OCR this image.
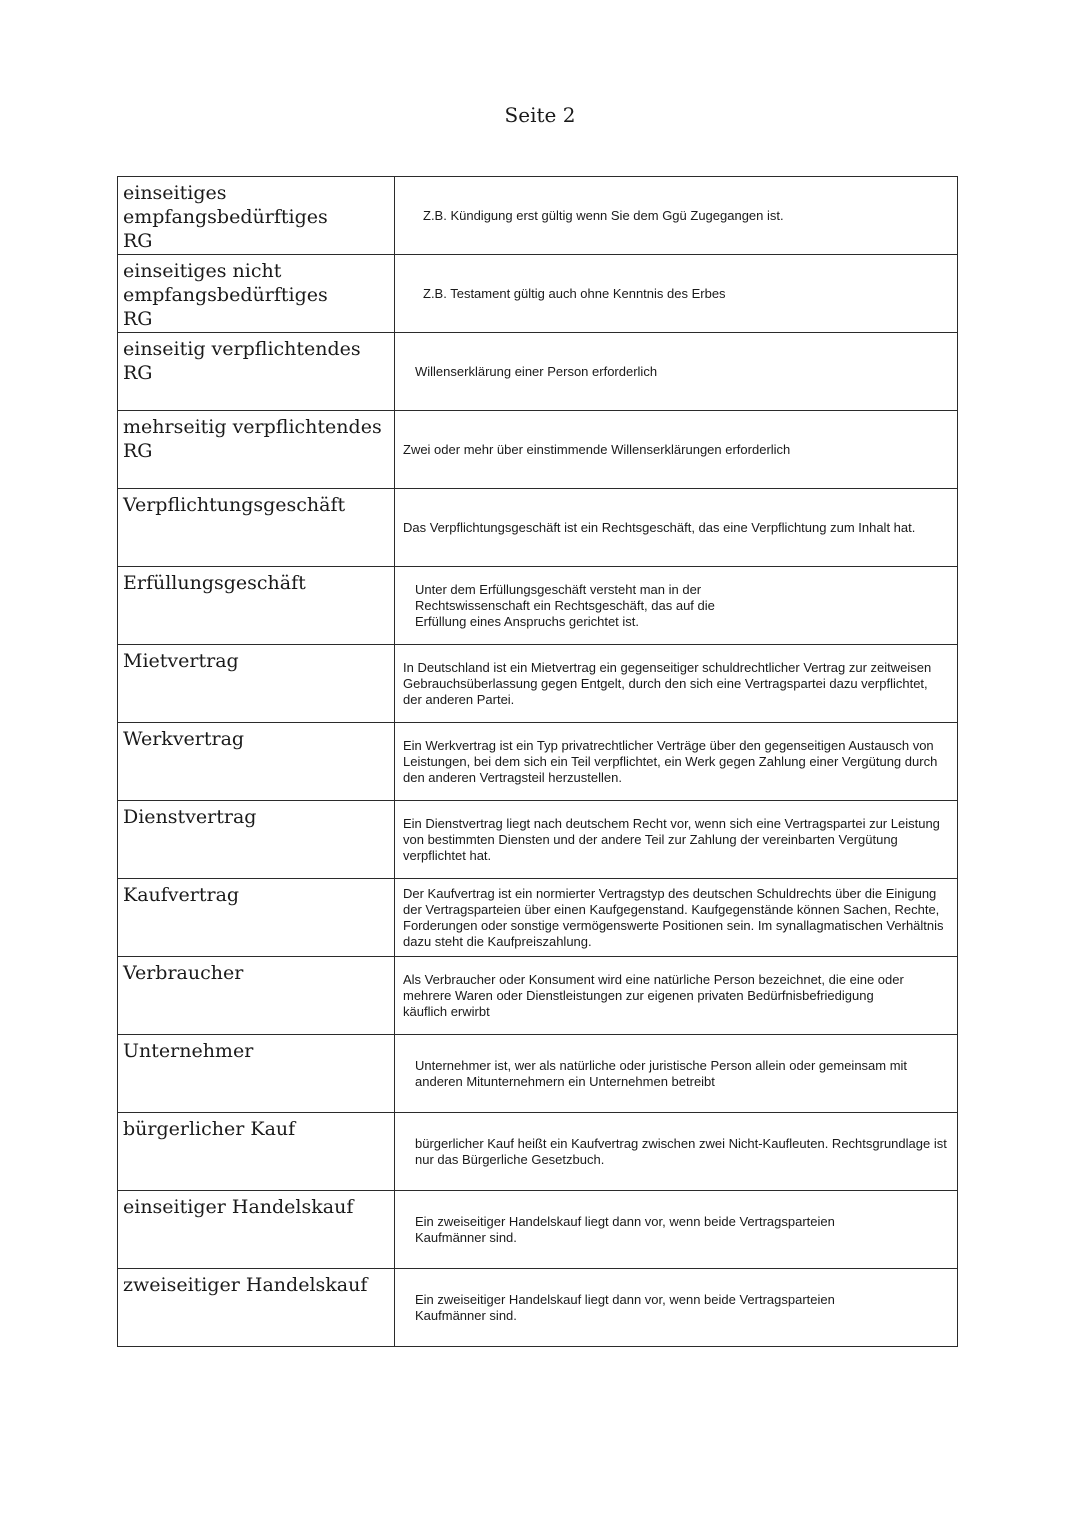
Seite 2
einseitiges empfangsbedürftiges RG	Z.B. Kündigung erst gültig wenn Sie dem Ggü Zugegangen ist.
einseitiges nicht empfangsbedürftiges RG	Z.B. Testament gültig auch ohne Kenntnis des Erbes
einseitig verpflichtendes RG	Willenserklärung einer Person erforderlich
mehrseitig verpflichtendes RG	Zwei oder mehr über einstimmende Willenserklärungen erforderlich
Verpflichtungsgeschäft	Das Verpflichtungsgeschäft ist ein Rechtsgeschäft, das eine Verpflichtung zum Inhalt hat.
Erfüllungsgeschäft	Unter dem Erfüllungsgeschäft versteht man in der Rechtswissenschaft ein Rechtsgeschäft, das auf die Erfüllung eines Anspruchs gerichtet ist.
Mietvertrag	In Deutschland ist ein Mietvertrag ein gegenseitiger schuldrechtlicher Vertrag zur zeitweisen Gebrauchsüberlassung gegen Entgelt, durch den sich eine Vertragspartei dazu verpflichtet, der anderen Partei.
Werkvertrag	Ein Werkvertrag ist ein Typ privatrechtlicher Verträge über den gegenseitigen Austausch von Leistungen, bei dem sich ein Teil verpflichtet, ein Werk gegen Zahlung einer Vergütung durch den anderen Vertragsteil herzustellen.
Dienstvertrag	Ein Dienstvertrag liegt nach deutschem Recht vor, wenn sich eine Vertragspartei zur Leistung von bestimmten Diensten und der andere Teil zur Zahlung der vereinbarten Vergütung verpflichtet hat.
Kaufvertrag	Der Kaufvertrag ist ein normierter Vertragstyp des deutschen Schuldrechts über die Einigung der Vertragsparteien über einen Kaufgegenstand. Kaufgegenstände können Sachen, Rechte, Forderungen oder sonstige vermögenswerte Positionen sein. Im synallagmatischen Verhältnis dazu steht die Kaufpreiszahlung.
Verbraucher	Als Verbraucher oder Konsument wird eine natürliche Person bezeichnet, die eine oder mehrere Waren oder Dienstleistungen zur eigenen privaten Bedürfnisbefriedigung käuflich erwirbt
Unternehmer	Unternehmer ist, wer als natürliche oder juristische Person allein oder gemeinsam mit anderen Mitunternehmern ein Unternehmen betreibt
bürgerlicher Kauf	bürgerlicher Kauf heißt ein Kaufvertrag zwischen zwei Nicht-Kaufleuten. Rechtsgrundlage ist nur das Bürgerliche Gesetzbuch.
einseitiger Handelskauf	Ein zweiseitiger Handelskauf liegt dann vor, wenn beide Vertragsparteien Kaufmänner sind.
zweiseitiger Handelskauf	Ein zweiseitiger Handelskauf liegt dann vor, wenn beide Vertragsparteien Kaufmänner sind.
